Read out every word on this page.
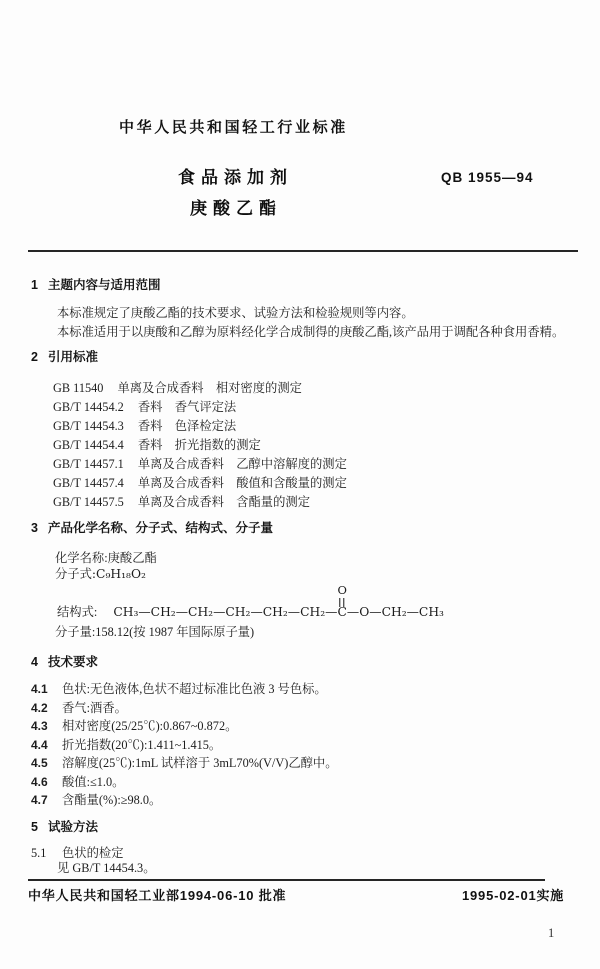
中华人民共和国轻工行业标准
食品添加剂
庚酸乙酯
QB 1955—94
1 主题内容与适用范围
本标准规定了庚酸乙酯的技术要求、试验方法和检验规则等内容。
本标准适用于以庚酸和乙醇为原料经化学合成制得的庚酸乙酯,该产品用于调配各种食用香精。
2 引用标准
GB 11540 单离及合成香料　相对密度的测定
GB/T 14454.2 香料　香气评定法
GB/T 14454.3 香料　色泽检定法
GB/T 14454.4 香料　折光指数的测定
GB/T 14457.1 单离及合成香料　乙醇中溶解度的测定
GB/T 14457.4 单离及合成香料　酸值和含酸量的测定
GB/T 14457.5 单离及合成香料　含酯量的测定
3 产品化学名称、分子式、结构式、分子量
化学名称:庚酸乙酯
分子式:C₉H₁₈O₂
结构式: CH₃—CH₂—CH₂—CH₂—CH₂—CH₂—
O
C—O—CH₂—CH₃
分子量:158.12(按 1987 年国际原子量)
4 技术要求
4.1 色状:无色液体,色状不超过标准比色液 3 号色标。
4.2 香气:酒香。
4.3 相对密度(25/25℃):0.867~0.872。
4.4 折光指数(20℃):1.411~1.415。
4.5 溶解度(25℃):1mL 试样溶于 3mL70%(V/V)乙醇中。
4.6 酸值:≤1.0。
4.7 含酯量(%):≥98.0。
5 试验方法
5.1 色状的检定
见 GB/T 14454.3。
中华人民共和国轻工业部1994-06-10 批准	1995-02-01实施
1
